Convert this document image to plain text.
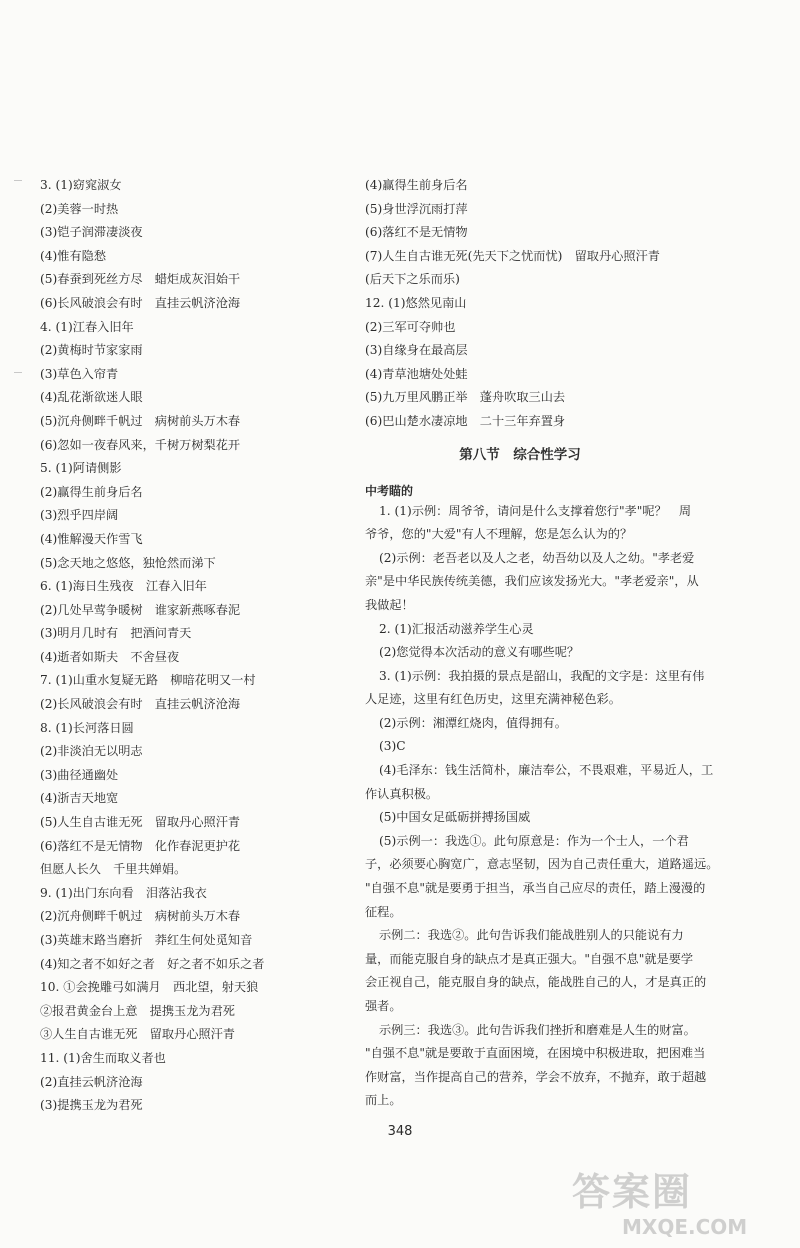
3. (1)窈窕淑女
(2)美蓉一时热
(3)铠子润滞凄淡夜
(4)惟有隐愁
(5)春蚕到死丝方尽　蜡炬成灰泪始干
(6)长风破浪会有时　直挂云帆济沧海
4. (1)江春入旧年
(2)黄梅时节家家雨
(3)草色入帘青
(4)乱花渐欲迷人眼
(5)沉舟侧畔千帆过　病树前头万木春
(6)忽如一夜春风来，千树万树梨花开
5. (1)阿请侧影
(2)赢得生前身后名
(3)烈乎四岸阔
(4)惟解漫天作雪飞
(5)念天地之悠悠，独怆然而涕下
6. (1)海日生残夜　江春入旧年
(2)几处早莺争暖树　谁家新燕啄春泥
(3)明月几时有　把酒问青天
(4)逝者如斯夫　不舍昼夜
7. (1)山重水复疑无路　柳暗花明又一村
(2)长风破浪会有时　直挂云帆济沧海
8. (1)长河落日圆
(2)非淡泊无以明志
(3)曲径通幽处
(4)浙吉天地宽
(5)人生自古谁无死　留取丹心照汗青
(6)落红不是无情物　化作春泥更护花
但愿人长久　千里共婵娟。
9. (1)出门东向看　泪落沾我衣
(2)沉舟侧畔千帆过　病树前头万木春
(3)英雄末路当磨折　莽红生何处觅知音
(4)知之者不如好之者　好之者不如乐之者
10. ①会挽雕弓如满月　西北望，射天狼
②报君黄金台上意　提携玉龙为君死
③人生自古谁无死　留取丹心照汗青
11. (1)舍生而取义者也
(2)直挂云帆济沧海
(3)提携玉龙为君死
(4)赢得生前身后名
(5)身世浮沉雨打萍
(6)落红不是无情物
(7)人生自古谁无死(先天下之忧而忧)　留取丹心照汗青
(后天下之乐而乐)
12. (1)悠然见南山
(2)三军可夺帅也
(3)自缘身在最高层
(4)青草池塘处处蛙
(5)九万里风鹏正举　蓬舟吹取三山去
(6)巴山楚水凄凉地　二十三年弃置身
第八节　综合性学习
中考瞄的
1. (1)示例：周爷爷，请问是什么支撑着您行"孝"呢？　周
爷爷，您的"大爱"有人不理解，您是怎么认为的？
(2)示例：老吾老以及人之老，幼吾幼以及人之幼。"孝老爱
亲"是中华民族传统美德，我们应该发扬光大。"孝老爱亲"，从
我做起！
2. (1)汇报活动滋养学生心灵
(2)您觉得本次活动的意义有哪些呢？
3. (1)示例：我拍摄的景点是韶山，我配的文字是：这里有伟
人足迹，这里有红色历史，这里充满神秘色彩。
(2)示例：湘潭红烧肉，值得拥有。
(3)C
(4)毛泽东：钱生活简朴，廉洁奉公，不畏艰难，平易近人，工
作认真积极。
(5)中国女足砥砺拼搏扬国威
(5)示例一：我选①。此句原意是：作为一个士人，一个君
子，必须要心胸宽广，意志坚韧，因为自己责任重大，道路遥远。
"自强不息"就是要勇于担当，承当自己应尽的责任，踏上漫漫的
征程。
示例二：我选②。此句告诉我们能战胜别人的只能说有力
量，而能克服自身的缺点才是真正强大。"自强不息"就是要学
会正视自己，能克服自身的缺点，能战胜自己的人，才是真正的
强者。
示例三：我选③。此句告诉我们挫折和磨难是人生的财富。
"自强不息"就是要敢于直面困境，在困境中积极进取，把困难当
作财富，当作提高自己的营养，学会不放弃，不抛弃，敢于超越
而上。
348
答案圈
MXQE.COM
